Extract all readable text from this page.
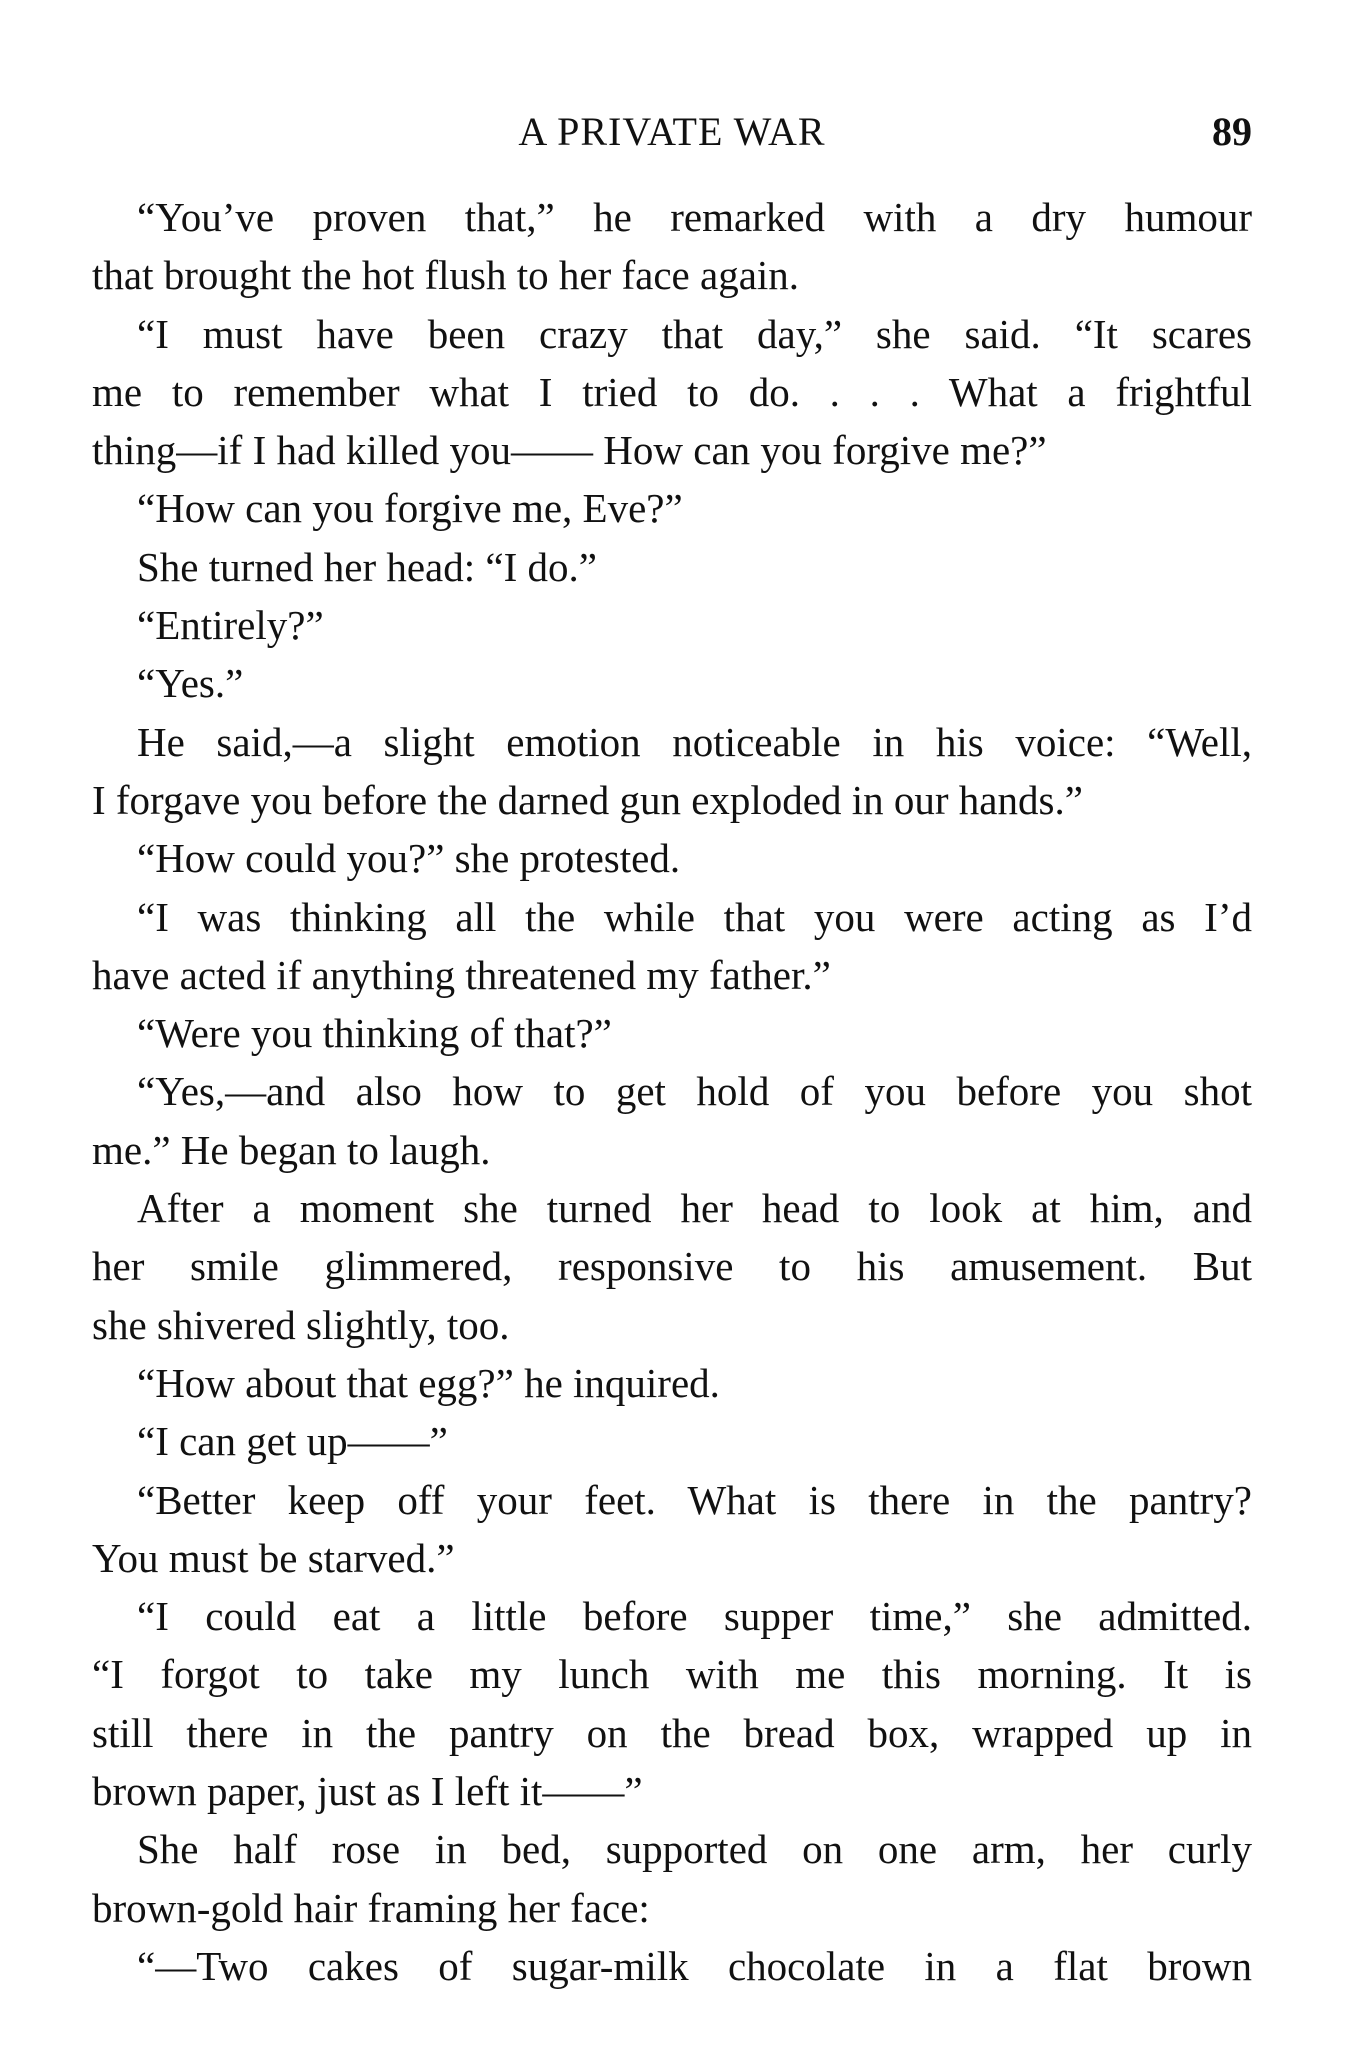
A PRIVATE WAR	89
“You’ve proven that,” he remarked with a dry humour
that brought the hot flush to her face again.
“I must have been crazy that day,” she said. “It scares
me to remember what I tried to do. . . . What a frightful
thing—if I had killed you—— How can you forgive me?”
“How can you forgive me, Eve?”
She turned her head: “I do.”
“Entirely?”
“Yes.”
He said,—a slight emotion noticeable in his voice: “Well,
I forgave you before the darned gun exploded in our hands.”
“How could you?” she protested.
“I was thinking all the while that you were acting as I’d
have acted if anything threatened my father.”
“Were you thinking of that?”
“Yes,—and also how to get hold of you before you shot
me.” He began to laugh.
After a moment she turned her head to look at him, and
her smile glimmered, responsive to his amusement. But
she shivered slightly, too.
“How about that egg?” he inquired.
“I can get up——”
“Better keep off your feet. What is there in the pantry?
You must be starved.”
“I could eat a little before supper time,” she admitted.
“I forgot to take my lunch with me this morning. It is
still there in the pantry on the bread box, wrapped up in
brown paper, just as I left it——”
She half rose in bed, supported on one arm, her curly
brown-gold hair framing her face:
“—Two cakes of sugar-milk chocolate in a flat brown
